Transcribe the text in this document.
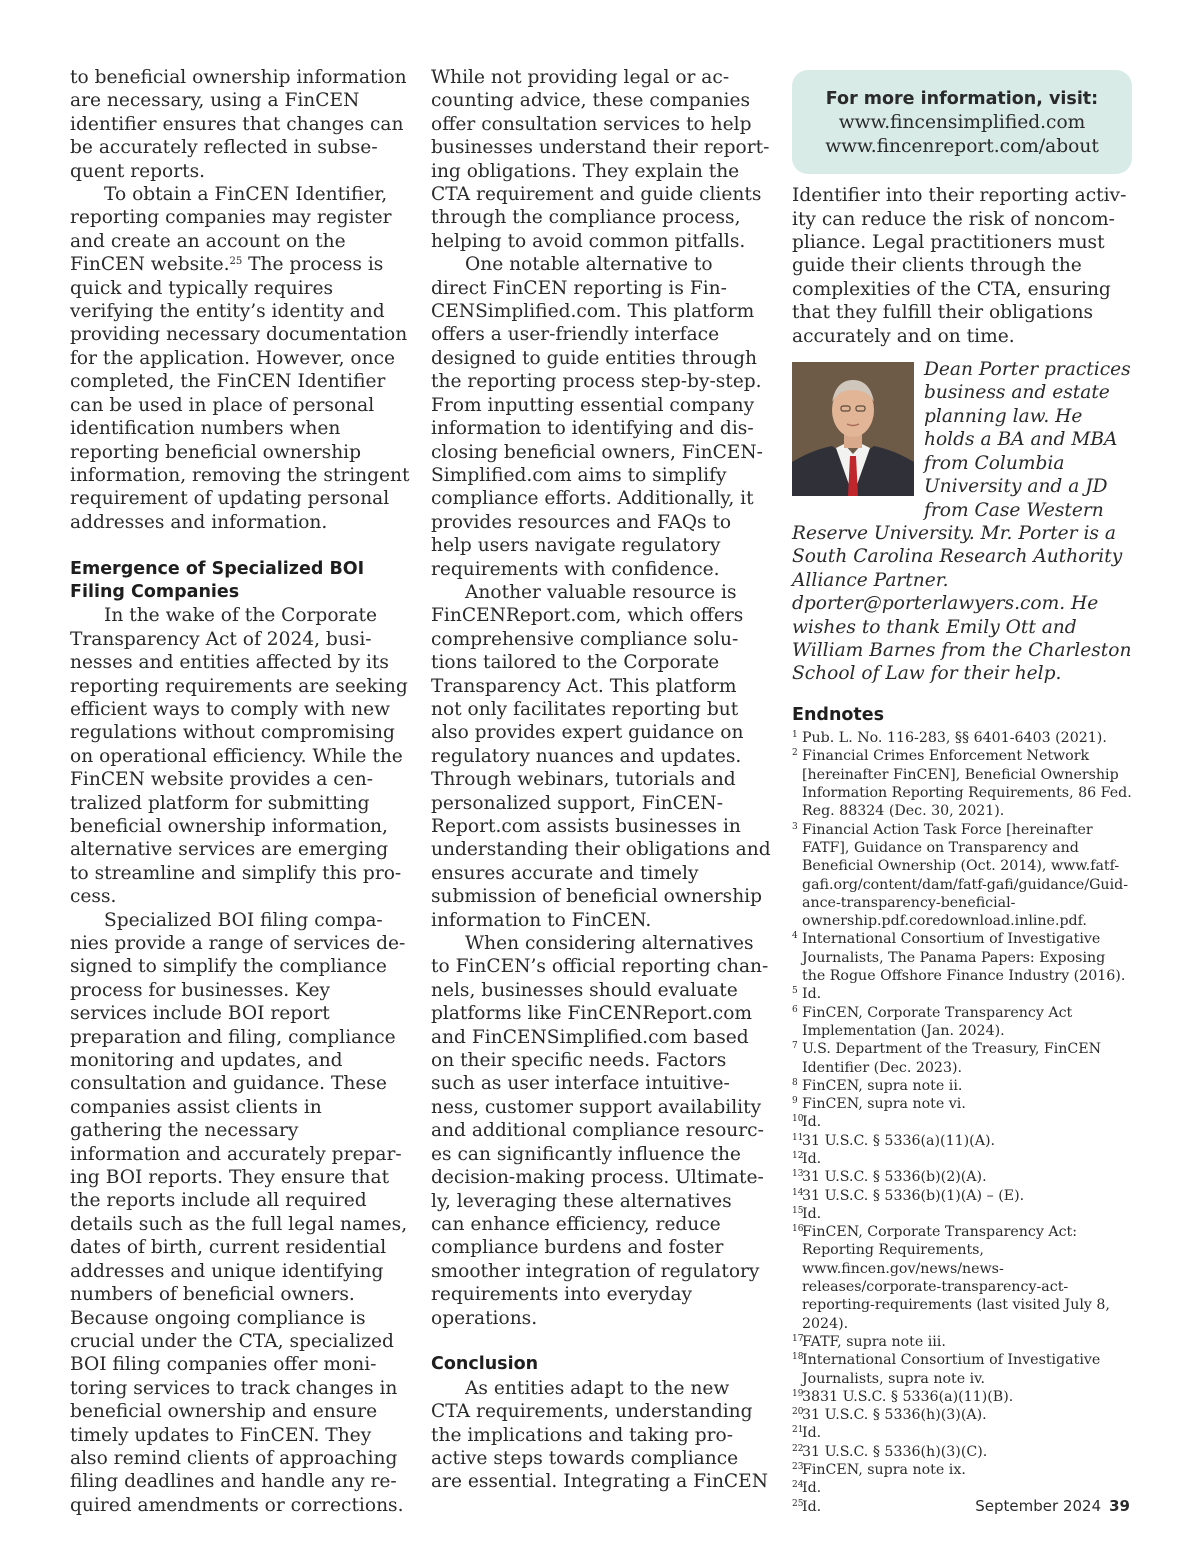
to beneficial ownership information are necessary, using a FinCEN identifier ensures that changes can be accurately reflected in subsequent reports.

To obtain a FinCEN Identifier, reporting companies may register and create an account on the FinCEN website.$^{25}$ The process is quick and typically requires verifying the entity’s identity and providing necessary documentation for the application. However, once completed, the FinCEN Identifier can be used in place of personal identification numbers when reporting beneficial ownership information, removing the stringent requirement of updating personal addresses and information.

Emergence of Specialized BOI Filing Companies

In the wake of the Corporate Transparency Act of 2024, businesses and entities affected by its reporting requirements are seeking efficient ways to comply with new regulations without compromising on operational efficiency. While the FinCEN website provides a centralized platform for submitting beneficial ownership information, alternative services are emerging to streamline and simplify this process.

Specialized BOI filing companies provide a range of services designed to simplify the compliance process for businesses. Key services include BOI report preparation and filing, compliance monitoring and updates, and consultation and guidance. These companies assist clients in gathering the necessary information and accurately preparing BOI reports. They ensure that the reports include all required details such as the full legal names, dates of birth, current residential addresses and unique identifying numbers of beneficial owners. Because ongoing compliance is crucial under the CTA, specialized BOI filing companies offer monitoring services to track changes in beneficial ownership and ensure timely updates to FinCEN. They also remind clients of approaching filing deadlines and handle any required amendments or corrections.

While not providing legal or accounting advice, these companies offer consultation services to help businesses understand their reporting obligations. They explain the CTA requirement and guide clients through the compliance process, helping to avoid common pitfalls.

One notable alternative to direct FinCEN reporting is FinCENSimplified.com. This platform offers a user-friendly interface designed to guide entities through the reporting process step-by-step. From inputting essential company information to identifying and disclosing beneficial owners, FinCENSimplified.com aims to simplify compliance efforts. Additionally, it provides resources and FAQs to help users navigate regulatory requirements with confidence.

Another valuable resource is FinCENReport.com, which offers comprehensive compliance solutions tailored to the Corporate Transparency Act. This platform not only facilitates reporting but also provides expert guidance on regulatory nuances and updates. Through webinars, tutorials and personalized support, FinCENReport.com assists businesses in understanding their obligations and ensures accurate and timely submission of beneficial ownership information to FinCEN.

When considering alternatives to FinCEN’s official reporting channels, businesses should evaluate platforms like FinCENReport.com and FinCENSimplified.com based on their specific needs. Factors such as user interface intuitiveness, customer support availability and additional compliance resources can significantly influence the decision-making process. Ultimately, leveraging these alternatives can enhance efficiency, reduce compliance burdens and foster smoother integration of regulatory requirements into everyday operations.

Conclusion

As entities adapt to the new CTA requirements, understanding the implications and taking proactive steps towards compliance are essential. Integrating a FinCEN

For more information, visit:
www.fincensimplified.com
www.fincenreport.com/about

Identifier into their reporting activity can reduce the risk of noncompliance. Legal practitioners must guide their clients through the complexities of the CTA, ensuring that they fulfill their obligations accurately and on time.

Dean Porter practices business and estate planning law. He holds a BA and MBA from Columbia University and a JD from Case Western Reserve University. Mr. Porter is a South Carolina Research Authority Alliance Partner. dporter@porterlawyers.com. He wishes to thank Emily Ott and William Barnes from the Charleston School of Law for their help.
Endnotes
1 Pub. L. No. 116-283, §§ 6401-6403 (2021).
2 Financial Crimes Enforcement Network [hereinafter FinCEN], Beneficial Ownership Information Reporting Requirements, 86 Fed. Reg. 88324 (Dec. 30, 2021).
3 Financial Action Task Force [hereinafter FATF], Guidance on Transparency and Beneficial Ownership (Oct. 2014), www.fatf-gafi.org/content/dam/fatf-gafi/guidance/Guidance-transparency-beneficial-ownership.pdf.coredownload.inline.pdf.
4 International Consortium of Investigative Journalists, The Panama Papers: Exposing the Rogue Offshore Finance Industry (2016).
5 Id.
6 FinCEN, Corporate Transparency Act Implementation (Jan. 2024).
7 U.S. Department of the Treasury, FinCEN Identifier (Dec. 2023).
8 FinCEN, supra note ii.
9 FinCEN, supra note vi.
10Id.
1131 U.S.C. § 5336(a)(11)(A).
12Id.
1331 U.S.C. § 5336(b)(2)(A).
1431 U.S.C. § 5336(b)(1)(A) – (E).
15Id.
16FinCEN, Corporate Transparency Act: Reporting Requirements, www.fincen.gov/news/news-releases/corporate-transparency-act-reporting-requirements (last visited July 8, 2024).
17FATF, supra note iii.
18International Consortium of Investigative Journalists, supra note iv.
193831 U.S.C. § 5336(a)(11)(B).
2031 U.S.C. § 5336(h)(3)(A).
21Id.
2231 U.S.C. § 5336(h)(3)(C).
23FinCEN, supra note ix.
24Id.
25Id.	September 2024 39
